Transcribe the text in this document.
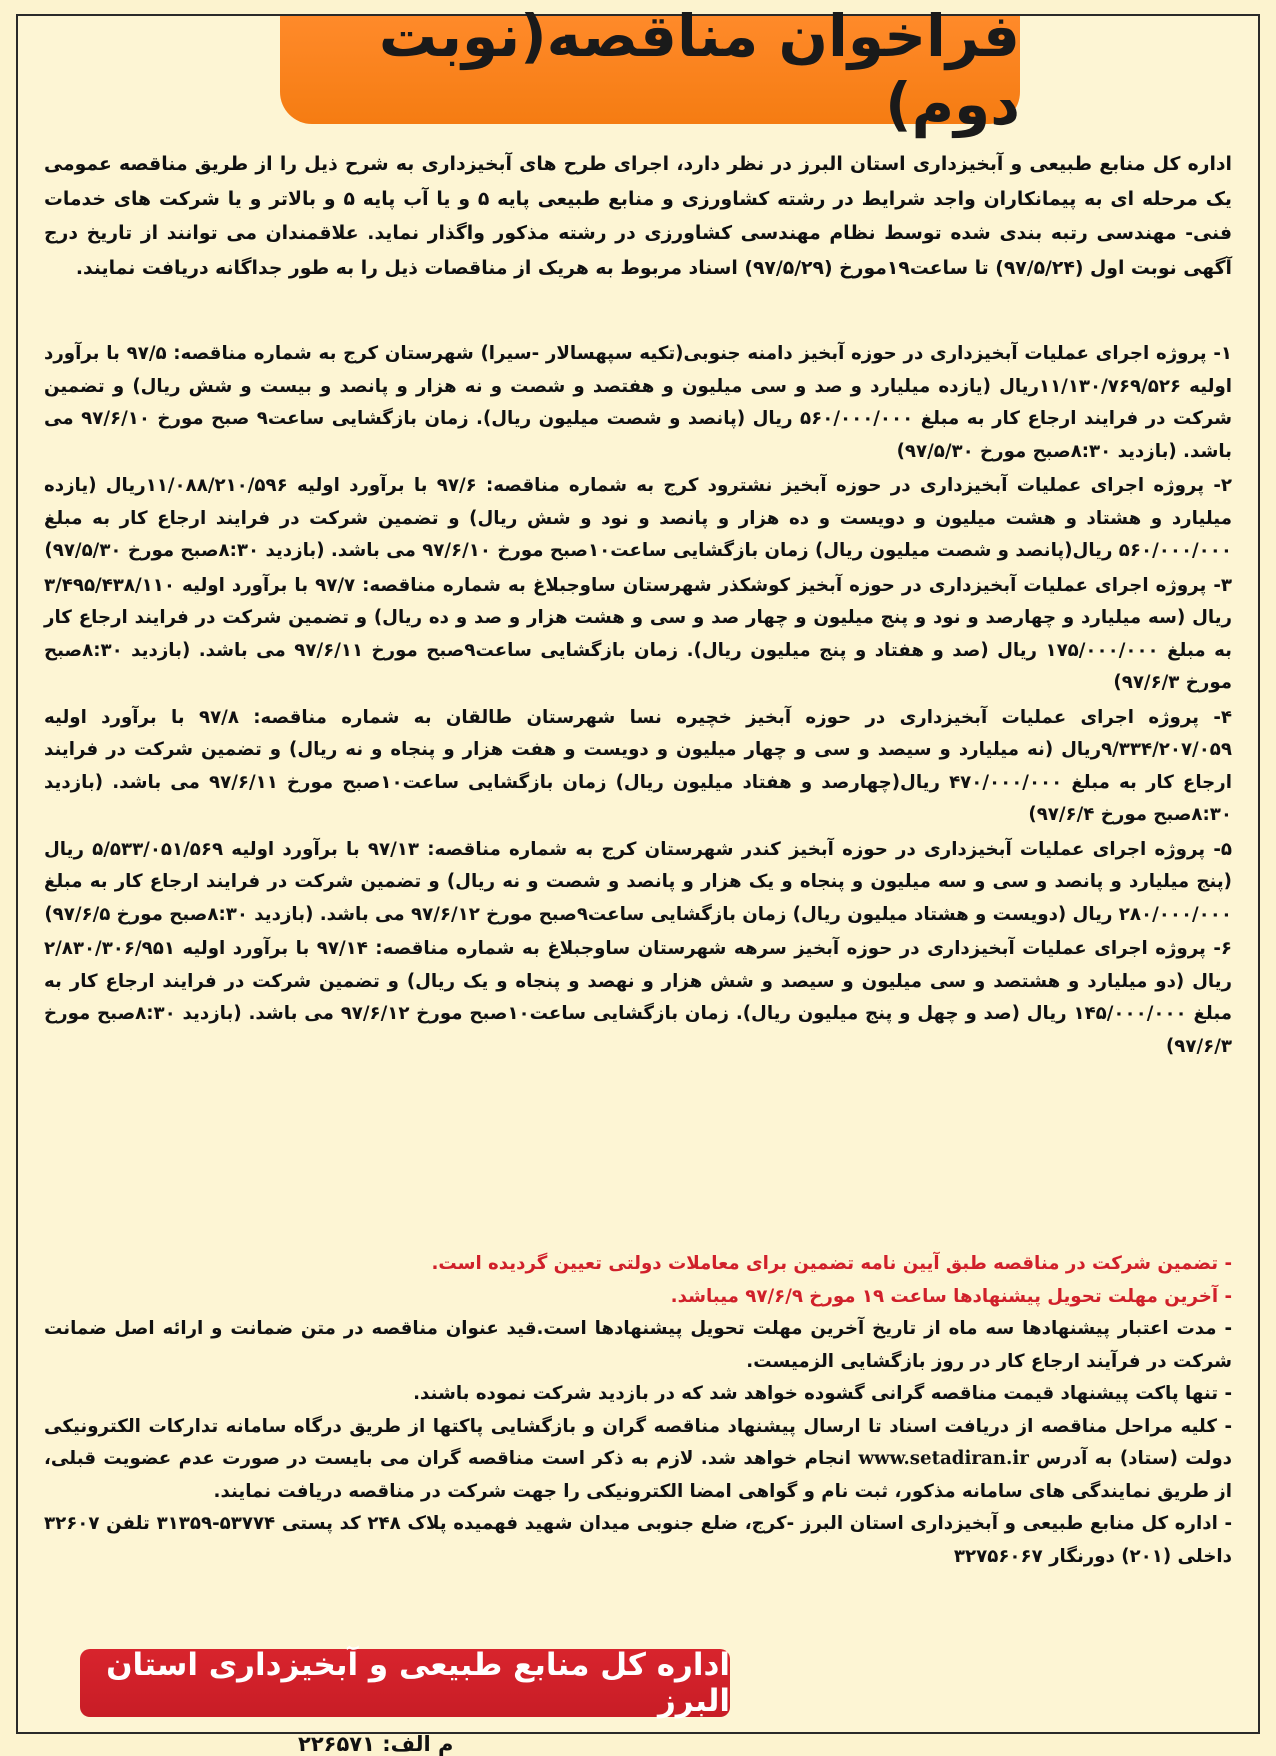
فراخوان مناقصه(نوبت دوم)

اداره کل منابع طبیعی و آبخیزداری استان البرز در نظر دارد، اجرای طرح های آبخیزداری به شرح ذیل را از طریق مناقصه عمومی یک مرحله ای به پیمانکاران واجد شرایط در رشته کشاورزی و منابع طبیعی پایه ۵ و یا آب پایه ۵ و بالاتر و یا شرکت های خدمات فنی- مهندسی رتبه بندی شده توسط نظام مهندسی کشاورزی در رشته مذکور واگذار نماید. علاقمندان می توانند از تاریخ درج آگهی نوبت اول (۹۷/۵/۲۴) تا ساعت۱۹مورخ (۹۷/۵/۲۹) اسناد مربوط به هریک از مناقصات ذیل را به طور جداگانه دریافت نمایند.

۱- پروژه اجرای عملیات آبخیزداری در حوزه آبخیز دامنه جنوبی(تکیه سپهسالار -سیرا) شهرستان کرج به شماره مناقصه: ۹۷/۵ با برآورد اولیه ۱۱/۱۳۰/۷۶۹/۵۲۶ریال (یازده میلیارد و صد و سی میلیون و هفتصد و شصت و نه هزار و پانصد و بیست و شش ریال) و تضمین شرکت در فرایند ارجاع کار به مبلغ ۵۶۰/۰۰۰/۰۰۰ ریال (پانصد و شصت میلیون ریال). زمان بازگشایی ساعت۹ صبح مورخ ۹۷/۶/۱۰ می باشد. (بازدید ۸:۳۰صبح مورخ ۹۷/۵/۳۰)
۲- پروژه اجرای عملیات آبخیزداری در حوزه آبخیز نشترود کرج به شماره مناقصه: ۹۷/۶ با برآورد اولیه ۱۱/۰۸۸/۲۱۰/۵۹۶ریال (یازده میلیارد و هشتاد و هشت میلیون و دویست و ده هزار و پانصد و نود و شش ریال) و تضمین شرکت در فرایند ارجاع کار به مبلغ ۵۶۰/۰۰۰/۰۰۰ ریال(پانصد و شصت میلیون ریال) زمان بازگشایی ساعت۱۰صبح مورخ ۹۷/۶/۱۰ می باشد. (بازدید ۸:۳۰صبح مورخ ۹۷/۵/۳۰)
۳- پروژه اجرای عملیات آبخیزداری در حوزه آبخیز کوشکذر شهرستان ساوجبلاغ به شماره مناقصه: ۹۷/۷ با برآورد اولیه ۳/۴۹۵/۴۳۸/۱۱۰ ریال (سه میلیارد و چهارصد و نود و پنج میلیون و چهار صد و سی و هشت هزار و صد و ده ریال) و تضمین شرکت در فرایند ارجاع کار به مبلغ ۱۷۵/۰۰۰/۰۰۰ ریال (صد و هفتاد و پنج میلیون ریال). زمان بازگشایی ساعت۹صبح مورخ ۹۷/۶/۱۱ می باشد. (بازدید ۸:۳۰صبح مورخ ۹۷/۶/۳)
۴- پروژه اجرای عملیات آبخیزداری در حوزه آبخیز خچیره نسا شهرستان طالقان به شماره مناقصه: ۹۷/۸ با برآورد اولیه ۹/۳۳۴/۲۰۷/۰۵۹ریال (نه میلیارد و سیصد و سی و چهار میلیون و دویست و هفت هزار و پنجاه و نه ریال) و تضمین شرکت در فرایند ارجاع کار به مبلغ ۴۷۰/۰۰۰/۰۰۰ ریال(چهارصد و هفتاد میلیون ریال) زمان بازگشایی ساعت۱۰صبح مورخ ۹۷/۶/۱۱ می باشد. (بازدید ۸:۳۰صبح مورخ ۹۷/۶/۴)
۵- پروژه اجرای عملیات آبخیزداری در حوزه آبخیز کندر شهرستان کرج به شماره مناقصه: ۹۷/۱۳ با برآورد اولیه ۵/۵۳۳/۰۵۱/۵۶۹ ریال (پنج میلیارد و پانصد و سی و سه میلیون و پنجاه و یک هزار و پانصد و شصت و نه ریال) و تضمین شرکت در فرایند ارجاع کار به مبلغ ۲۸۰/۰۰۰/۰۰۰ ریال (دویست و هشتاد میلیون ریال) زمان بازگشایی ساعت۹صبح مورخ ۹۷/۶/۱۲ می باشد. (بازدید ۸:۳۰صبح مورخ ۹۷/۶/۵)
۶- پروژه اجرای عملیات آبخیزداری در حوزه آبخیز سرهه شهرستان ساوجبلاغ به شماره مناقصه: ۹۷/۱۴ با برآورد اولیه ۲/۸۳۰/۳۰۶/۹۵۱ ریال (دو میلیارد و هشتصد و سی میلیون و سیصد و شش هزار و نهصد و پنجاه و یک ریال) و تضمین شرکت در فرایند ارجاع کار به مبلغ ۱۴۵/۰۰۰/۰۰۰ ریال (صد و چهل و پنج میلیون ریال). زمان بازگشایی ساعت۱۰صبح مورخ ۹۷/۶/۱۲ می باشد. (بازدید ۸:۳۰صبح مورخ ۹۷/۶/۳)
- تضمین شرکت در مناقصه طبق آیین نامه تضمین برای معاملات دولتی تعیین گردیده است.
- آخرین مهلت تحویل پیشنهادها ساعت ۱۹ مورخ ۹۷/۶/۹ میباشد.
- مدت اعتبار پیشنهادها سه ماه از تاریخ آخرین مهلت تحویل پیشنهادها است.قید عنوان مناقصه در متن ضمانت و ارائه اصل ضمانت شرکت در فرآیند ارجاع کار در روز بازگشایی الزمیست.
- تنها پاکت پیشنهاد قیمت مناقصه گرانی گشوده خواهد شد که در بازدید شرکت نموده باشند.
- کلیه مراحل مناقصه از دریافت اسناد تا ارسال پیشنهاد مناقصه گران و بازگشایی پاکتها از طریق درگاه سامانه تدارکات الکترونیکی دولت (ستاد) به آدرس www.setadiran.ir انجام خواهد شد. لازم به ذکر است مناقصه گران می بایست در صورت عدم عضویت قبلی، از طریق نمایندگی های سامانه مذکور، ثبت نام و گواهی امضا الکترونیکی را جهت شرکت در مناقصه دریافت نمایند.
- اداره کل منابع طبیعی و آبخیزداری استان البرز -کرج، ضلع جنوبی میدان شهید فهمیده پلاک ۲۴۸ کد پستی ۵۳۷۷۴-۳۱۳۵۹ تلفن ۳۲۶۰۷ داخلی (۲۰۱) دورنگار ۳۲۷۵۶۰۶۷
اداره کل منابع طبیعی و آبخیزداری استان البرز
م الف: ۲۲۶۵۷۱
